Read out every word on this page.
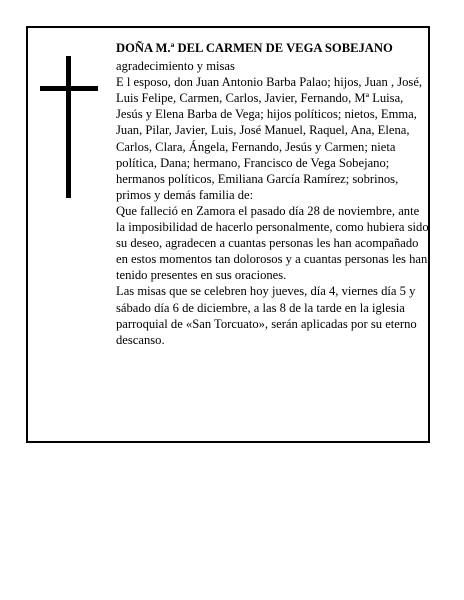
DOÑA M.ª DEL CARMEN DE VEGA SOBEJANO

agradecimiento y misas

E l esposo, don Juan Antonio Barba Palao; hijos, Juan , José, Luis Felipe, Carmen, Carlos, Javier, Fernando, Mª Luisa, Jesús y Elena Barba de Vega; hijos políticos; nietos, Emma, Juan, Pilar, Javier, Luis, José Manuel, Raquel, Ana, Elena, Carlos, Clara, Ángela, Fernando, Jesús y Carmen; nieta política, Dana; hermano, Francisco de Vega Sobejano; hermanos políticos, Emiliana García Ramírez; sobrinos, primos y demás familia de:

Que falleció en Zamora el pasado día 28 de noviembre, ante la imposibilidad de hacerlo personalmente, como hubiera sido su deseo, agradecen a cuantas personas les han acompañado en estos momentos tan dolorosos y a cuantas personas les han tenido presentes en sus oraciones.

Las misas que se celebren hoy jueves, día 4, viernes día 5 y sábado día 6 de diciembre, a las 8 de la tarde en la iglesia parroquial de «San Torcuato», serán aplicadas por su eterno descanso.
